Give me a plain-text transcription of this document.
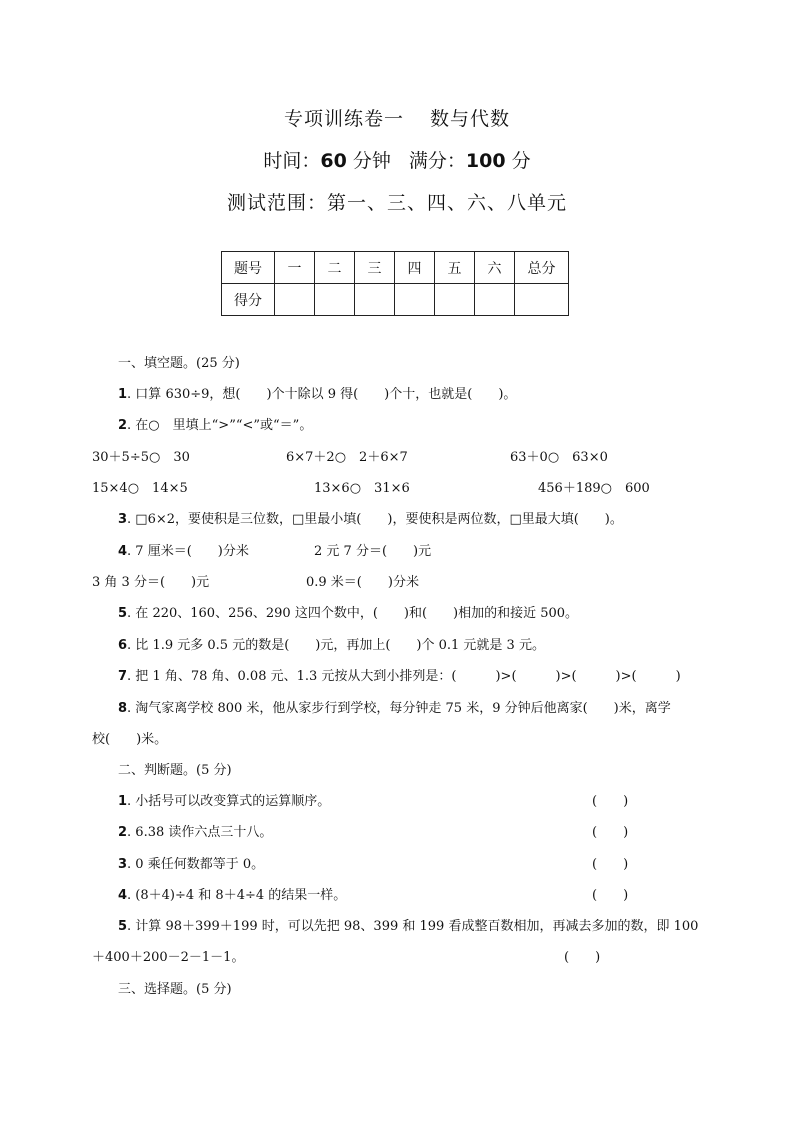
专项训练卷一 数与代数
时间：60 分钟 满分：100 分
测试范围：第一、三、四、六、八单元
题号	一	二	三	四	五	六	总分
得分							
一、填空题。(25 分)
1. 口算 630÷9，想(　　)个十除以 9 得(　　)个十，也就是(　　)。
2. 在○　里填上“>”“<”或“＝”。
30＋5÷5○　30	6×7＋2○　2＋6×7	63＋0○　63×0
15×4○　14×5	13×6○　31×6	456＋189○　600
3. □6×2，要使积是三位数，□里最小填(　　)，要使积是两位数，□里最大填(　　)。
4. 7 厘米＝(　　)分米	2 元 7 分＝(　　)元
3 角 3 分＝(　　)元	0.9 米＝(　　)分米
5. 在 220、160、256、290 这四个数中，(　　)和(　　)相加的和接近 500。
6. 比 1.9 元多 0.5 元的数是(　　)元，再加上(　　)个 0.1 元就是 3 元。
7. 把 1 角、78 角、0.08 元、1.3 元按从大到小排列是：(　　　)>(　　　)>(　　　)>(　　　)
8. 淘气家离学校 800 米，他从家步行到学校，每分钟走 75 米，9 分钟后他离家(　　)米，离学
校(　　)米。
二、判断题。(5 分)
1. 小括号可以改变算式的运算顺序。	(　　)
2. 6.38 读作六点三十八。	(　　)
3. 0 乘任何数都等于 0。	(　　)
4. (8＋4)÷4 和 8＋4÷4 的结果一样。	(　　)
5. 计算 98＋399＋199 时，可以先把 98、399 和 199 看成整百数相加，再减去多加的数，即 100
＋400＋200－2－1－1。	(　　)
三、选择题。(5 分)
